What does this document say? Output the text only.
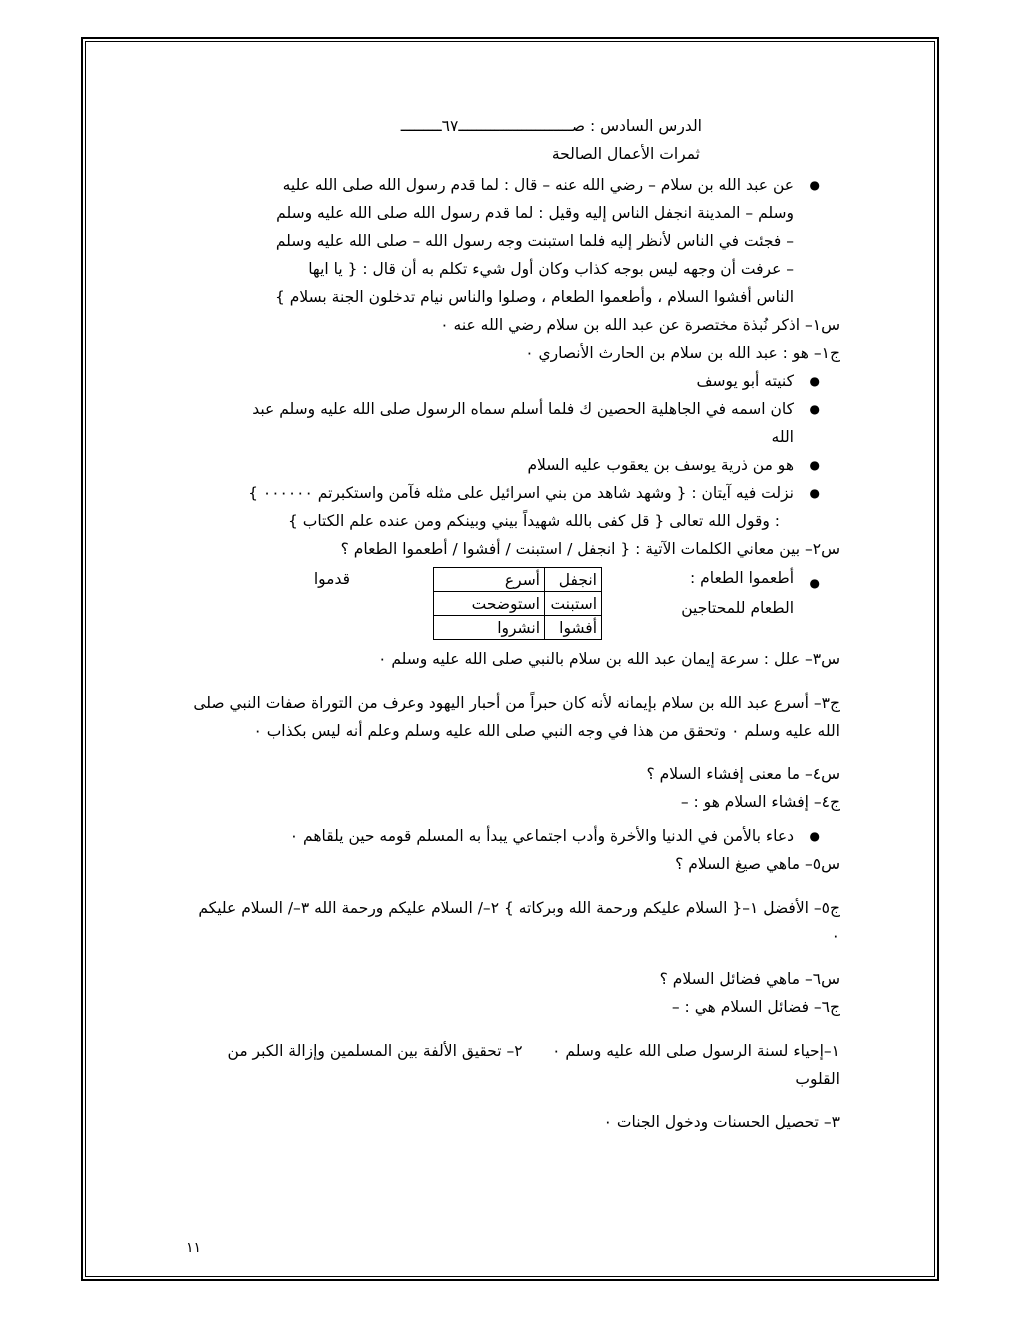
الدرس السادس : صـــــــــــــــــــــــــ٦٧ـــــــــ

ثمرات الأعمال الصالحة

● عن عبد الله بن سلام – رضي الله عنه – قال : لما قدم رسول الله صلى الله عليه وسلم – المدينة انجفل الناس إليه وقيل : لما قدم رسول الله صلى الله عليه وسلم – فجئت في الناس لأنظر إليه فلما استبنت وجه رسول الله – صلى الله عليه وسلم – عرفت أن وجهه ليس بوجه كذاب وكان أول شيء تكلم به أن قال : { يا ايها الناس أفشوا السلام ، وأطعموا الطعام ، وصلوا والناس نيام تدخلون الجنة بسلام }

س١– اذكر نُبذة مختصرة عن عبد الله بن سلام رضي الله عنه ٠

ج١– هو : عبد الله بن سلام بن الحارث الأنصاري ٠

● كنيته أبو يوسف
● كان اسمه في الجاهلية الحصين ك فلما أسلم سماه الرسول صلى الله عليه وسلم عبد الله
● هو من ذرية يوسف بن يعقوب عليه السلام
● نزلت فيه آيتان : { وشهد شاهد من بني اسرائيل على مثله فآمن واستكبرتم ٠٠٠٠٠٠ }

: وقول الله تعالى { قل كفى بالله شهيداً بيني وبينكم ومن عنده علم الكتاب }

س٢– بين معاني الكلمات الآتية : { انجفل / استبنت / أفشوا / أطعموا الطعام ؟

●
أطعموا الطعام : الطعام للمحتاجين
انجفل	أسرع
استبنت	استوضحت
أفشوا	انشروا
قدموا

س٣– علل : سرعة إيمان عبد الله بن سلام بالنبي صلى الله عليه وسلم ٠

ج٣– أسرع عبد الله بن سلام بإيمانه لأنه كان حبراً من أحبار اليهود وعرف من التوراة صفات النبي صلى الله عليه وسلم ٠ وتحقق من هذا في وجه النبي صلى الله عليه وسلم وعلم أنه ليس بكذاب ٠

س٤– ما معنى إفشاء السلام ؟

ج٤– إفشاء السلام هو : –

● دعاء بالأمن في الدنيا والأخرة وأدب اجتماعي يبدأ به المسلم قومه حين يلقاهم ٠

س٥– ماهي صيغ السلام ؟

ج٥– الأفضل ١–{ السلام عليكم ورحمة الله وبركاته } ٢–/ السلام عليكم ورحمة الله ٣–/ السلام عليكم ٠

س٦– ماهي فضائل السلام ؟

ج٦– فضائل السلام هي : –

١–إحياء لسنة الرسول صلى الله عليه وسلم ٠      ٢– تحقيق الألفة بين المسلمين وإزالة الكبر من القلوب

٣– تحصيل الحسنات ودخول الجنات ٠

١١
